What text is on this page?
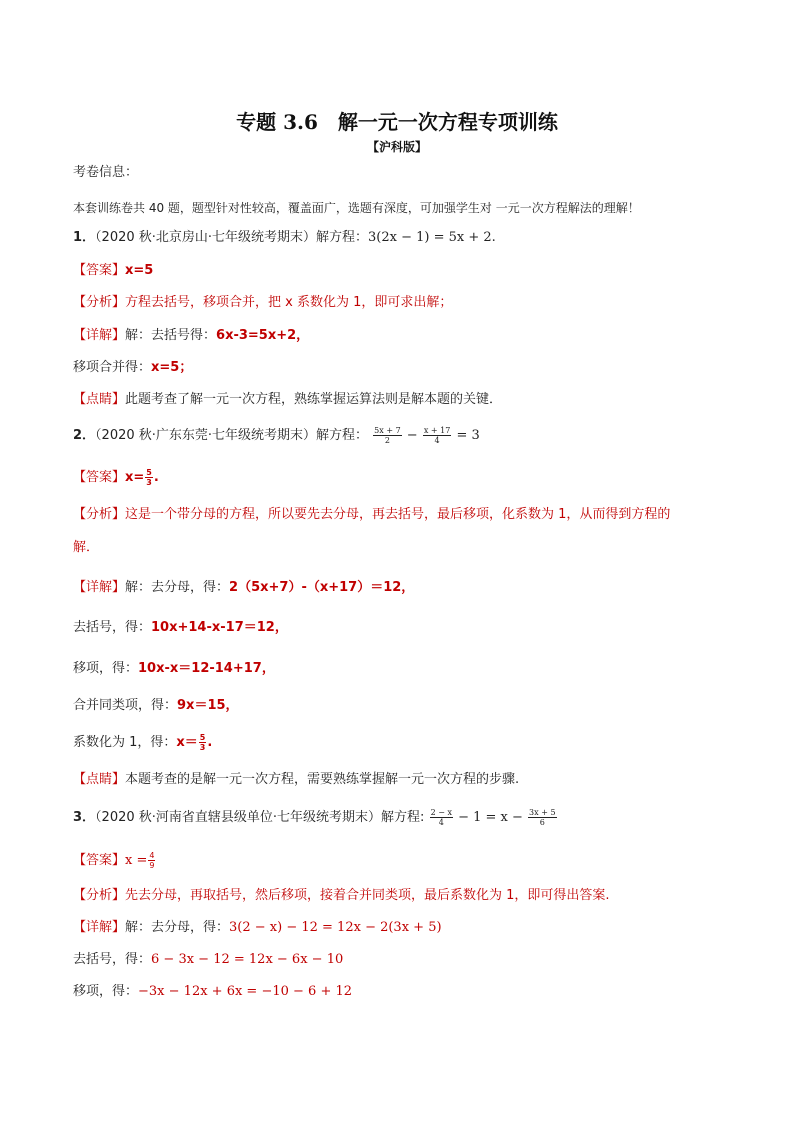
专题 3.6　解一元一次方程专项训练
【沪科版】
考卷信息：
本套训练卷共 40 题，题型针对性较高，覆盖面广，选题有深度，可加强学生对 一元一次方程解法的理解！
1．（2020 秋·北京房山·七年级统考期末）解方程：3(2x − 1) = 5x + 2.
【答案】x=5
【分析】方程去括号，移项合并，把 x 系数化为 1，即可求出解；
【详解】解：去括号得：6x-3=5x+2，
移项合并得：x=5；
【点睛】此题考查了解一元一次方程，熟练掌握运算法则是解本题的关键．
2．（2020 秋·广东东莞·七年级统考期末）解方程： $\frac{5x + 7}{2} - \frac{x + 17}{4} = 3$
【答案】$x= \frac{5}{3}$ .
【分析】这是一个带分母的方程，所以要先去分母，再去括号，最后移项，化系数为 1，从而得到方程的
解．
【详解】解：去分母，得：2（5x+7）-（x+17）＝12，
去括号，得：10x+14-x-17＝12，
移项，得：10x-x＝12-14+17，
合并同类项，得：9x＝15，
系数化为 1，得：$x= \frac{5}{3}$ .
【点睛】本题考查的是解一元一次方程，需要熟练掌握解一元一次方程的步骤.
3．（2020 秋·河南省直辖县级单位·七年级统考期末）解方程: $\frac{2 - x}{4} - 1 = x - \frac{3x + 5}{6}$
【答案】$x = \frac{4}{9}$
【分析】先去分母，再取括号，然后移项，接着合并同类项，最后系数化为 1，即可得出答案.
【详解】解：去分母，得：3(2 − x) − 12 = 12x − 2(3x + 5)
去括号，得：6 − 3x − 12 = 12x − 6x − 10
移项，得：−3x − 12x + 6x = −10 − 6 + 12
